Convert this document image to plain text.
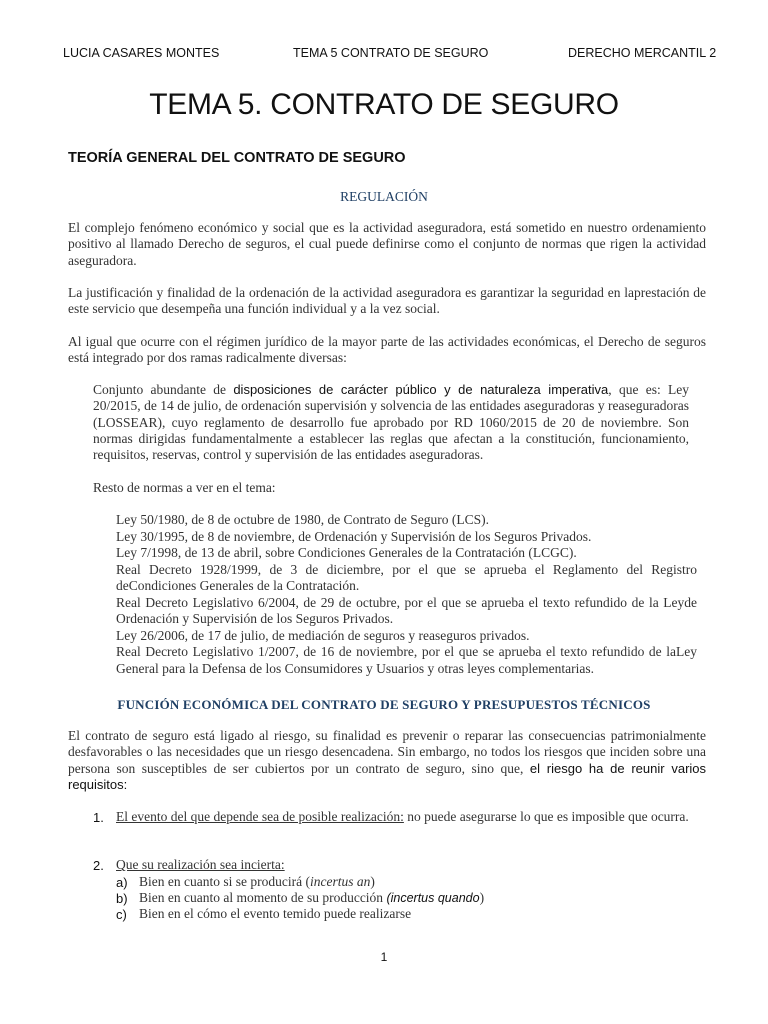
LUCIA CASARES MONTES	TEMA 5 CONTRATO DE SEGURO	DERECHO MERCANTIL 2
TEMA 5. CONTRATO DE SEGURO
TEORÍA GENERAL DEL CONTRATO DE SEGURO
REGULACIÓN
El complejo fenómeno económico y social que es la actividad aseguradora, está sometido en nuestro ordenamiento positivo al llamado Derecho de seguros, el cual puede definirse como el conjunto de normas que rigen la actividad aseguradora.
La justificación y finalidad de la ordenación de la actividad aseguradora es garantizar la seguridad en laprestación de este servicio que desempeña una función individual y a la vez social.
Al igual que ocurre con el régimen jurídico de la mayor parte de las actividades económicas, el Derecho de seguros está integrado por dos ramas radicalmente diversas:
Conjunto abundante de disposiciones de carácter público y de naturaleza imperativa, que es: Ley 20/2015, de 14 de julio, de ordenación supervisión y solvencia de las entidades aseguradoras y reaseguradoras (LOSSEAR), cuyo reglamento de desarrollo fue aprobado por RD 1060/2015 de 20 de noviembre. Son normas dirigidas fundamentalmente a establecer las reglas que afectan a la constitución, funcionamiento, requisitos, reservas, control y supervisión de las entidades aseguradoras.
Resto de normas a ver en el tema:
Ley 50/1980, de 8 de octubre de 1980, de Contrato de Seguro (LCS).
Ley 30/1995, de 8 de noviembre, de Ordenación y Supervisión de los Seguros Privados.
Ley 7/1998, de 13 de abril, sobre Condiciones Generales de la Contratación (LCGC).
Real Decreto 1928/1999, de 3 de diciembre, por el que se aprueba el Reglamento del Registro deCondiciones Generales de la Contratación.
Real Decreto Legislativo 6/2004, de 29 de octubre, por el que se aprueba el texto refundido de la Leyde Ordenación y Supervisión de los Seguros Privados.
Ley 26/2006, de 17 de julio, de mediación de seguros y reaseguros privados.
Real Decreto Legislativo 1/2007, de 16 de noviembre, por el que se aprueba el texto refundido de laLey General para la Defensa de los Consumidores y Usuarios y otras leyes complementarias.
FUNCIÓN ECONÓMICA DEL CONTRATO DE SEGURO Y PRESUPUESTOS TÉCNICOS
El contrato de seguro está ligado al riesgo, su finalidad es prevenir o reparar las consecuencias patrimonialmente desfavorables o las necesidades que un riesgo desencadena. Sin embargo, no todos los riesgos que inciden sobre una persona son susceptibles de ser cubiertos por un contrato de seguro, sino que, el riesgo ha de reunir varios requisitos:
1. El evento del que depende sea de posible realización: no puede asegurarse lo que es imposible que ocurra.
2. Que su realización sea incierta:
a) Bien en cuanto si se producirá (incertus an)
b) Bien en cuanto al momento de su producción (incertus quando)
c) Bien en el cómo el evento temido puede realizarse
1
